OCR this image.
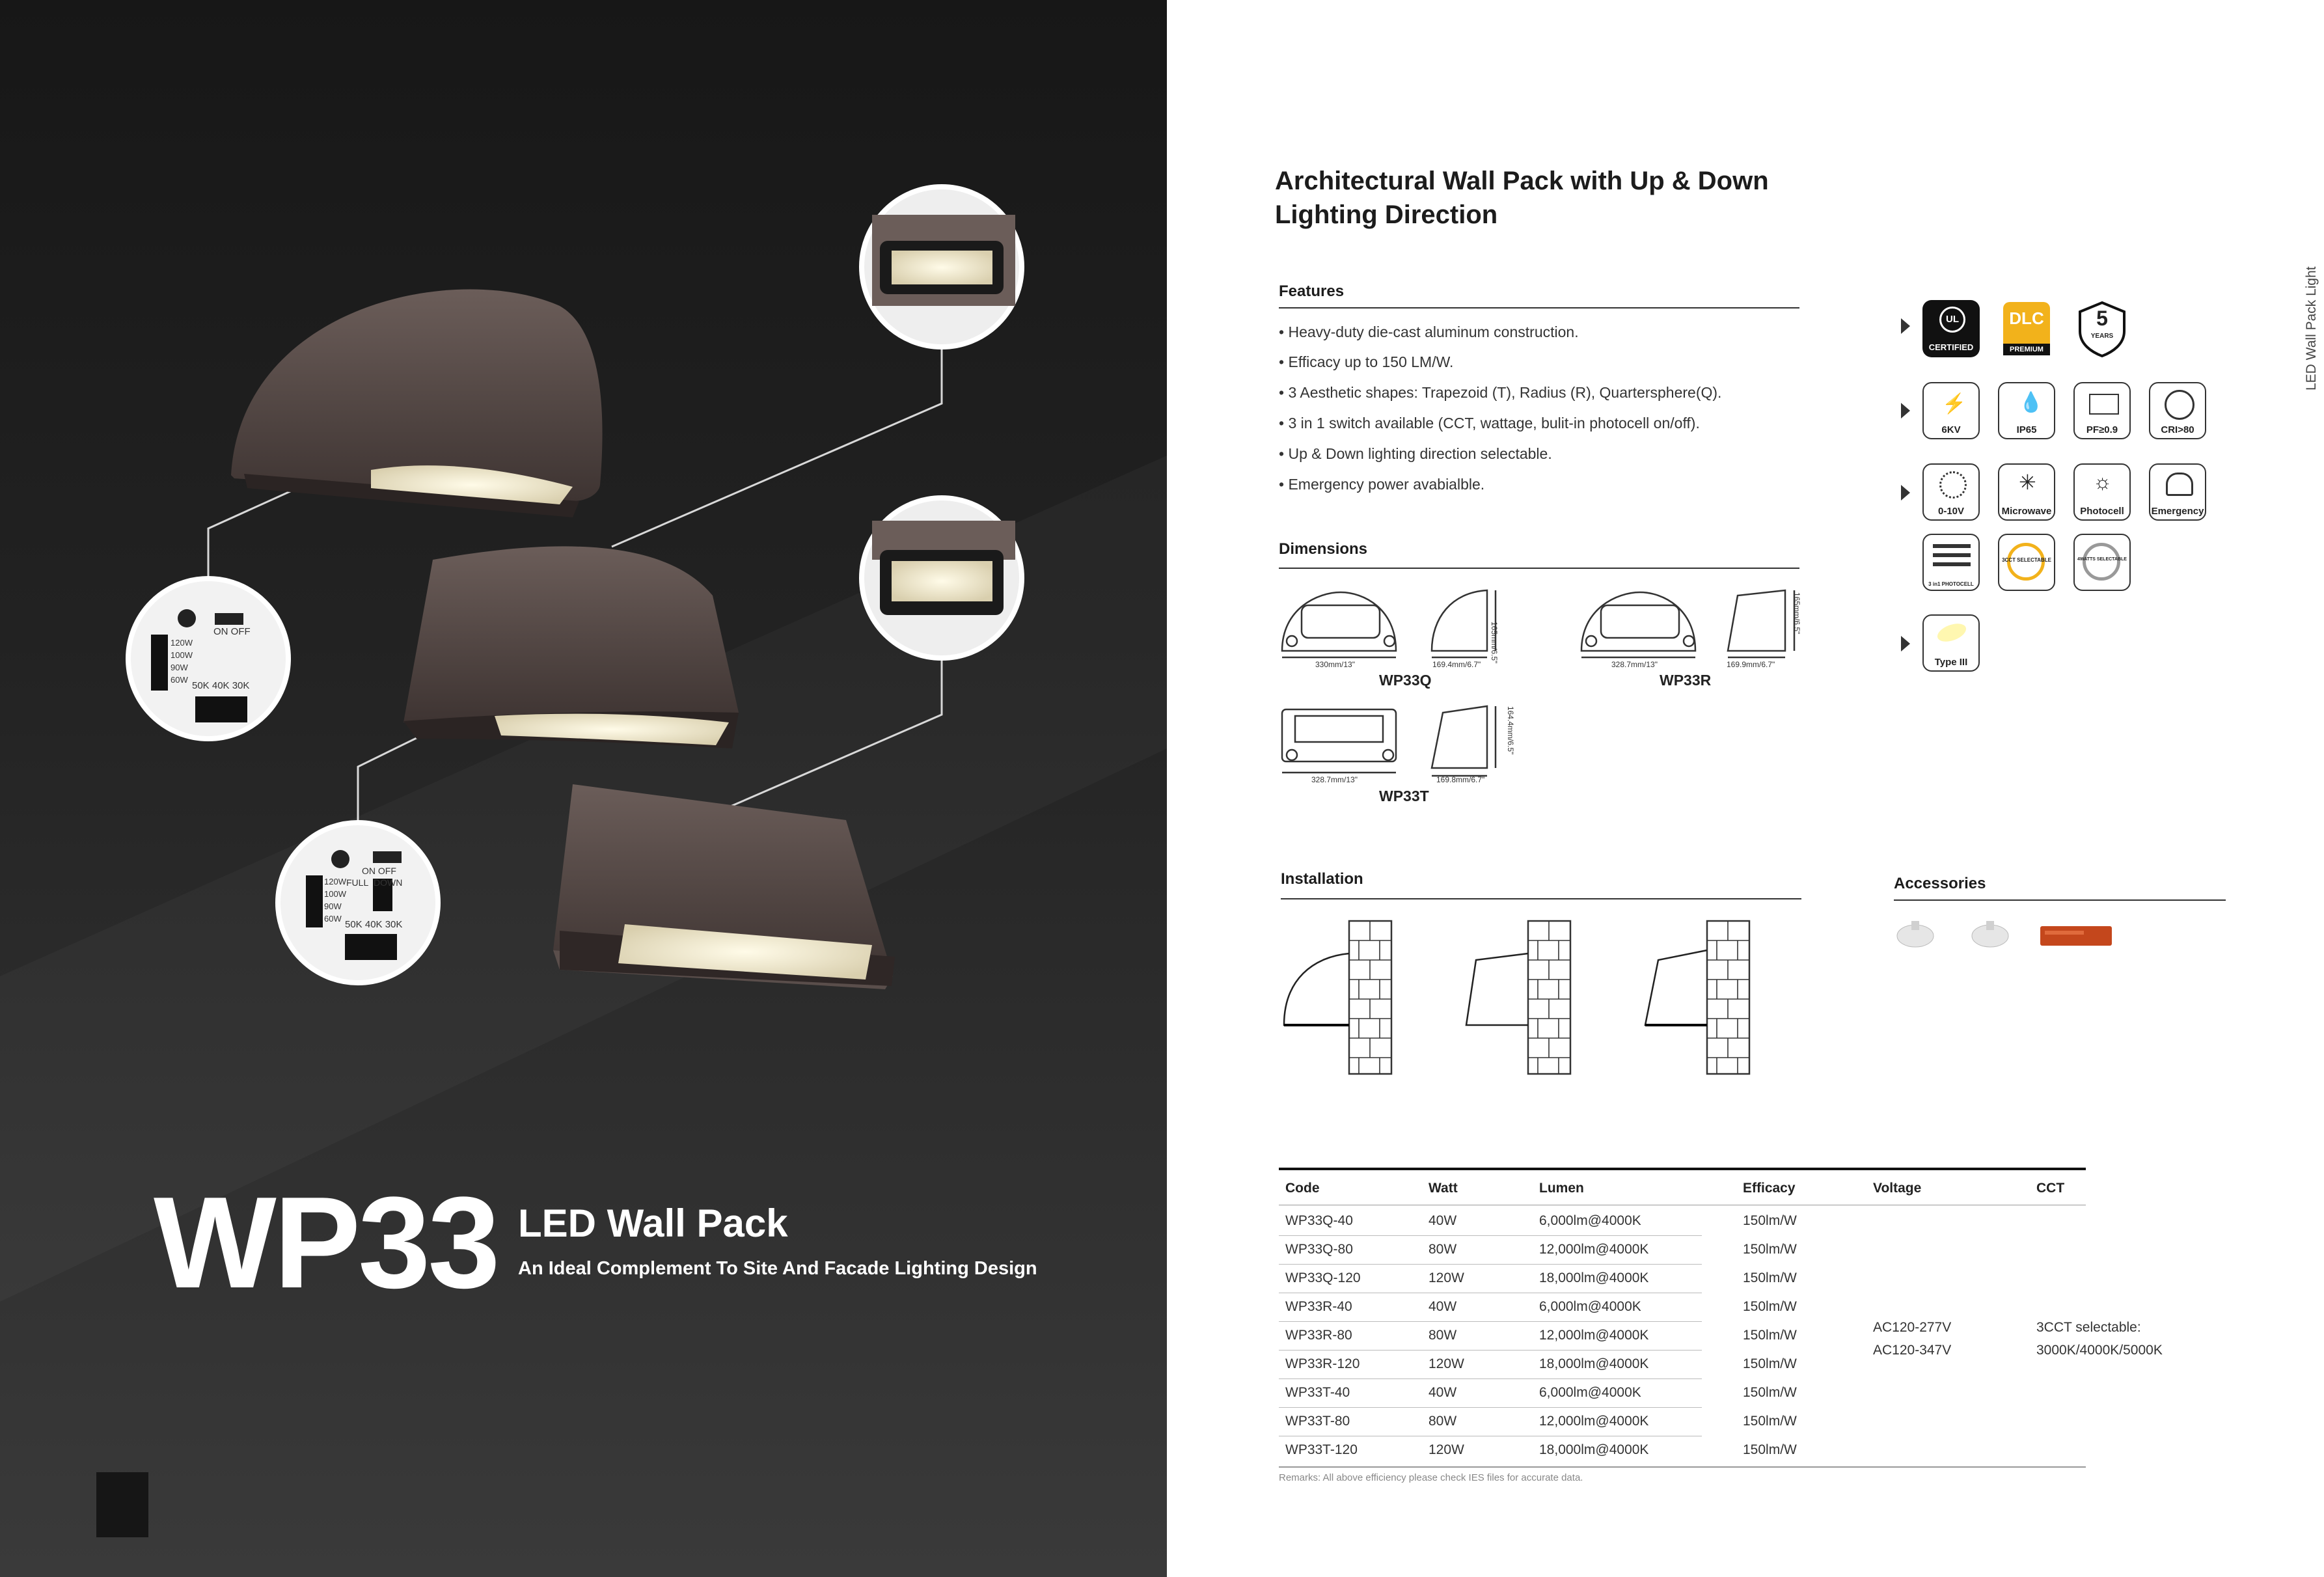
ON OFF
120W
100W
90W
60W
50K 40K 30K
ON OFF
FULL DOWN
120W
100W
90W
60W
50K 40K 30K
WP33 LED Wall Pack
An Ideal Complement To Site And Facade Lighting Design
Architectural Wall Pack with Up & Down Lighting Direction
Features
• Heavy-duty die-cast aluminum construction.
• Efficacy up to 150 LM/W.
• 3 Aesthetic shapes: Trapezoid (T), Radius (R), Quartersphere(Q).
• 3 in 1 switch available (CCT, wattage, bulit-in photocell on/off).
• Up & Down lighting direction selectable.
• Emergency power avabialble.
Dimensions
330mm/13"	169.4mm/6.7"
165mm/6.5"
WP33Q
328.7mm/13"	169.9mm/6.7"
165mm/6.5"
WP33R
328.7mm/13"	169.8mm/6.7"
164.4mm/6.5"
WP33T
Installation	Accessories
UL
CERTIFIED
DLC
PREMIUM
5
YEARS
⚡
6KV
💧
IP65	PF≥0.9	CRI>80
0-10V
✳
Microwave
☼
Photocell	Emergency
3 in1 PHOTOCELL
3CCT SELECTABLE	4WATTS SELECTABLE
Type III
Code	Watt	Lumen	Efficacy	Voltage	CCT
WP33Q-40	40W	6,000lm@4000K	150lm/W
WP33Q-80	80W	12,000lm@4000K	150lm/W
WP33Q-120	120W	18,000lm@4000K	150lm/W
WP33R-40	40W	6,000lm@4000K	150lm/W
WP33R-80	80W	12,000lm@4000K	150lm/W
WP33R-120	120W	18,000lm@4000K	150lm/W
WP33T-40	40W	6,000lm@4000K	150lm/W
WP33T-80	80W	12,000lm@4000K	150lm/W
WP33T-120	120W	18,000lm@4000K	150lm/W
AC120-277V
AC120-347V
3CCT selectable:
3000K/4000K/5000K
Remarks: All above efficiency please check IES files for accurate data.
LED Wall Pack Light
